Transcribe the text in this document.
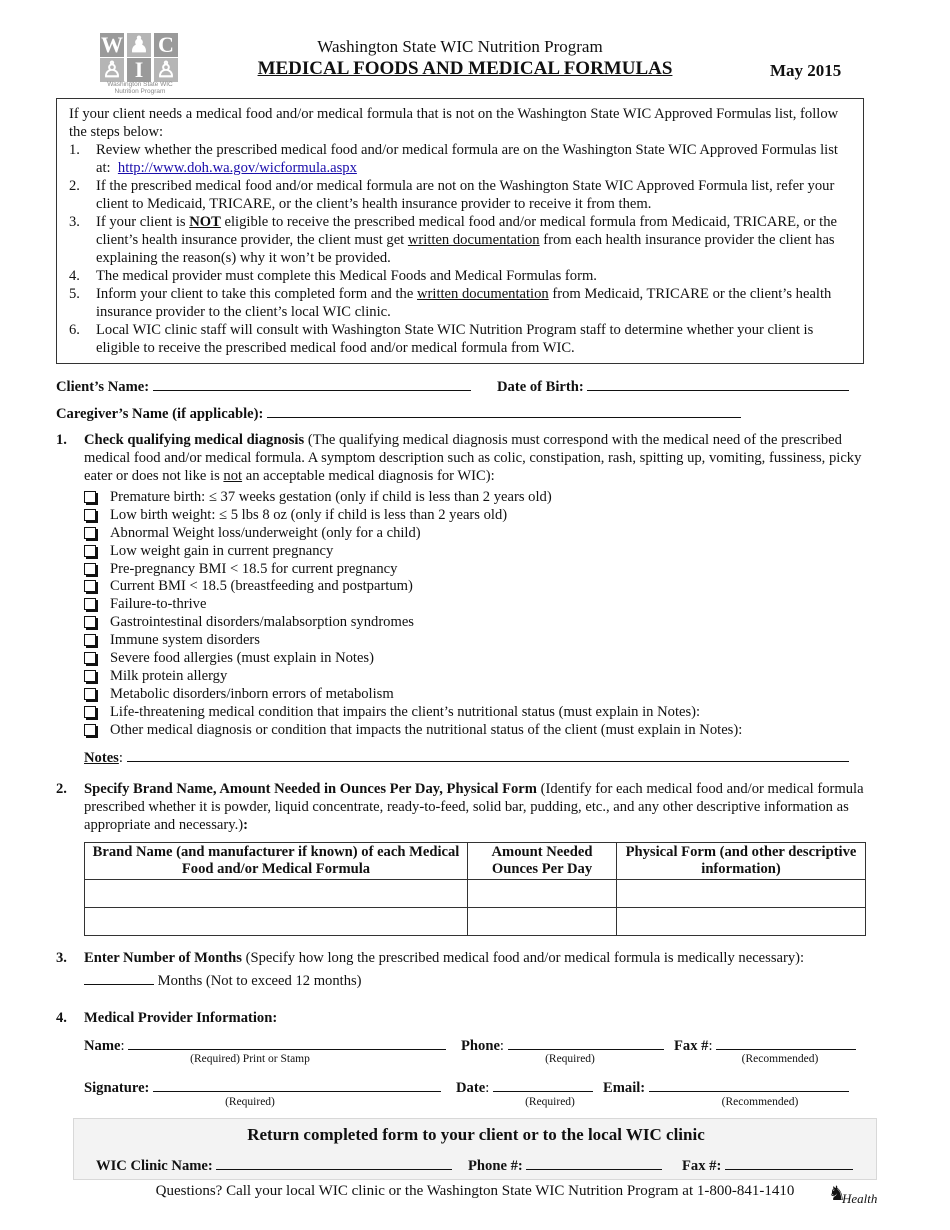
W ♟ C
♙ I ♙
Washington State WIC Nutrition Program
Washington State WIC Nutrition Program
MEDICAL FOODS AND MEDICAL FORMULAS	May 2015

If your client needs a medical food and/or medical formula that is not on the Washington State WIC Approved Formulas list, follow the steps below:

1. Review whether the prescribed medical food and/or medical formula are on the Washington State WIC Approved Formulas list at: http://www.doh.wa.gov/wicformula.aspx
2. If the prescribed medical food and/or medical formula are not on the Washington State WIC Approved Formula list, refer your client to Medicaid, TRICARE, or the client’s health insurance provider to receive it from them.
3. If your client is NOT eligible to receive the prescribed medical food and/or medical formula from Medicaid, TRICARE, or the client’s health insurance provider, the client must get written documentation from each health insurance provider the client has explaining the reason(s) why it won’t be provided.
4. The medical provider must complete this Medical Foods and Medical Formulas form.
5. Inform your client to take this completed form and the written documentation from Medicaid, TRICARE or the client’s health insurance provider to the client’s local WIC clinic.
6. Local WIC clinic staff will consult with Washington State WIC Nutrition Program staff to determine whether your client is eligible to receive the prescribed medical food and/or medical formula from WIC.
Client’s Name:	Date of Birth:
Caregiver’s Name (if applicable):
1. Check qualifying medical diagnosis (The qualifying medical diagnosis must correspond with the medical need of the prescribed medical food and/or medical formula. A symptom description such as colic, constipation, rash, spitting up, vomiting, fussiness, picky eater or does not like is not an acceptable medical diagnosis for WIC):
Premature birth: ≤ 37 weeks gestation (only if child is less than 2 years old)
Low birth weight: ≤ 5 lbs 8 oz (only if child is less than 2 years old)
Abnormal Weight loss/underweight (only for a child)
Low weight gain in current pregnancy
Pre-pregnancy BMI < 18.5 for current pregnancy
Current BMI < 18.5 (breastfeeding and postpartum)
Failure-to-thrive
Gastrointestinal disorders/malabsorption syndromes
Immune system disorders
Severe food allergies (must explain in Notes)
Milk protein allergy
Metabolic disorders/inborn errors of metabolism
Life-threatening medical condition that impairs the client’s nutritional status (must explain in Notes):
Other medical diagnosis or condition that impacts the nutritional status of the client (must explain in Notes):
Notes:
2. Specify Brand Name, Amount Needed in Ounces Per Day, Physical Form (Identify for each medical food and/or medical formula prescribed whether it is powder, liquid concentrate, ready-to-feed, solid bar, pudding, etc., and any other descriptive information as appropriate and necessary.):
Brand Name (and manufacturer if known) of each Medical Food and/or Medical Formula	Amount Needed Ounces Per Day	Physical Form (and other descriptive information)

3. Enter Number of Months (Specify how long the prescribed medical food and/or medical formula is medically necessary):
Months (Not to exceed 12 months)
4. Medical Provider Information:
Name:
(Required) Print or Stamp
Phone:
(Required)
Fax #:
(Recommended)
Signature:
(Required)
Date:
(Required)
Email:
(Recommended)
Return completed form to your client or to the local WIC clinic
WIC Clinic Name:	Phone #:	Fax #:
Questions? Call your local WIC clinic or the Washington State WIC Nutrition Program at 1-800-841-1410	♞
Health
